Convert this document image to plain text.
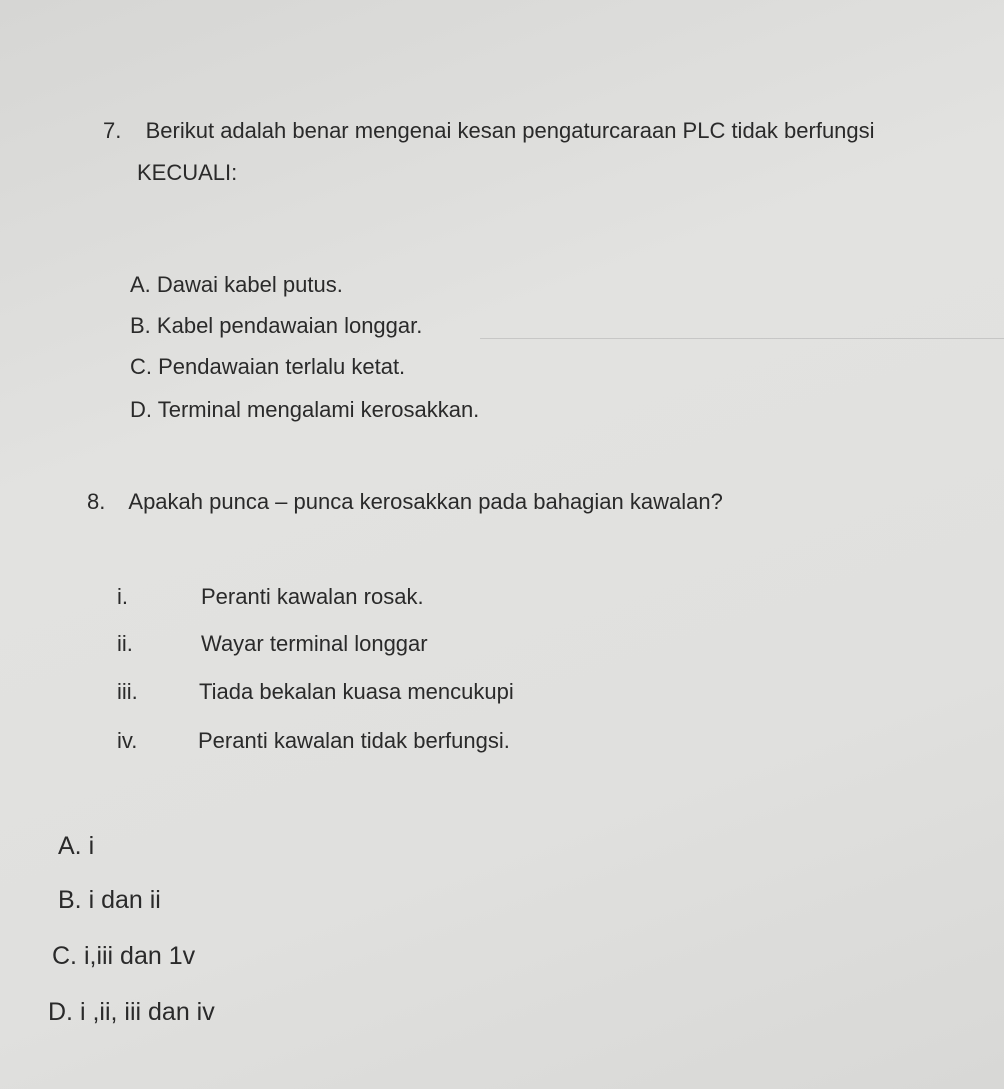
7. Berikut adalah benar mengenai kesan pengaturcaraan PLC tidak berfungsi
KECUALI:
A. Dawai kabel putus.
B. Kabel pendawaian longgar.
C. Pendawaian terlalu ketat.
D. Terminal mengalami kerosakkan.
8. Apakah punca – punca kerosakkan pada bahagian kawalan?
i.	Peranti kawalan rosak.
ii.	Wayar terminal longgar
iii.	Tiada bekalan kuasa mencukupi
iv.	Peranti kawalan tidak berfungsi.
A. i
B. i dan ii
C. i,iii dan 1v
D. i ,ii, iii dan iv
